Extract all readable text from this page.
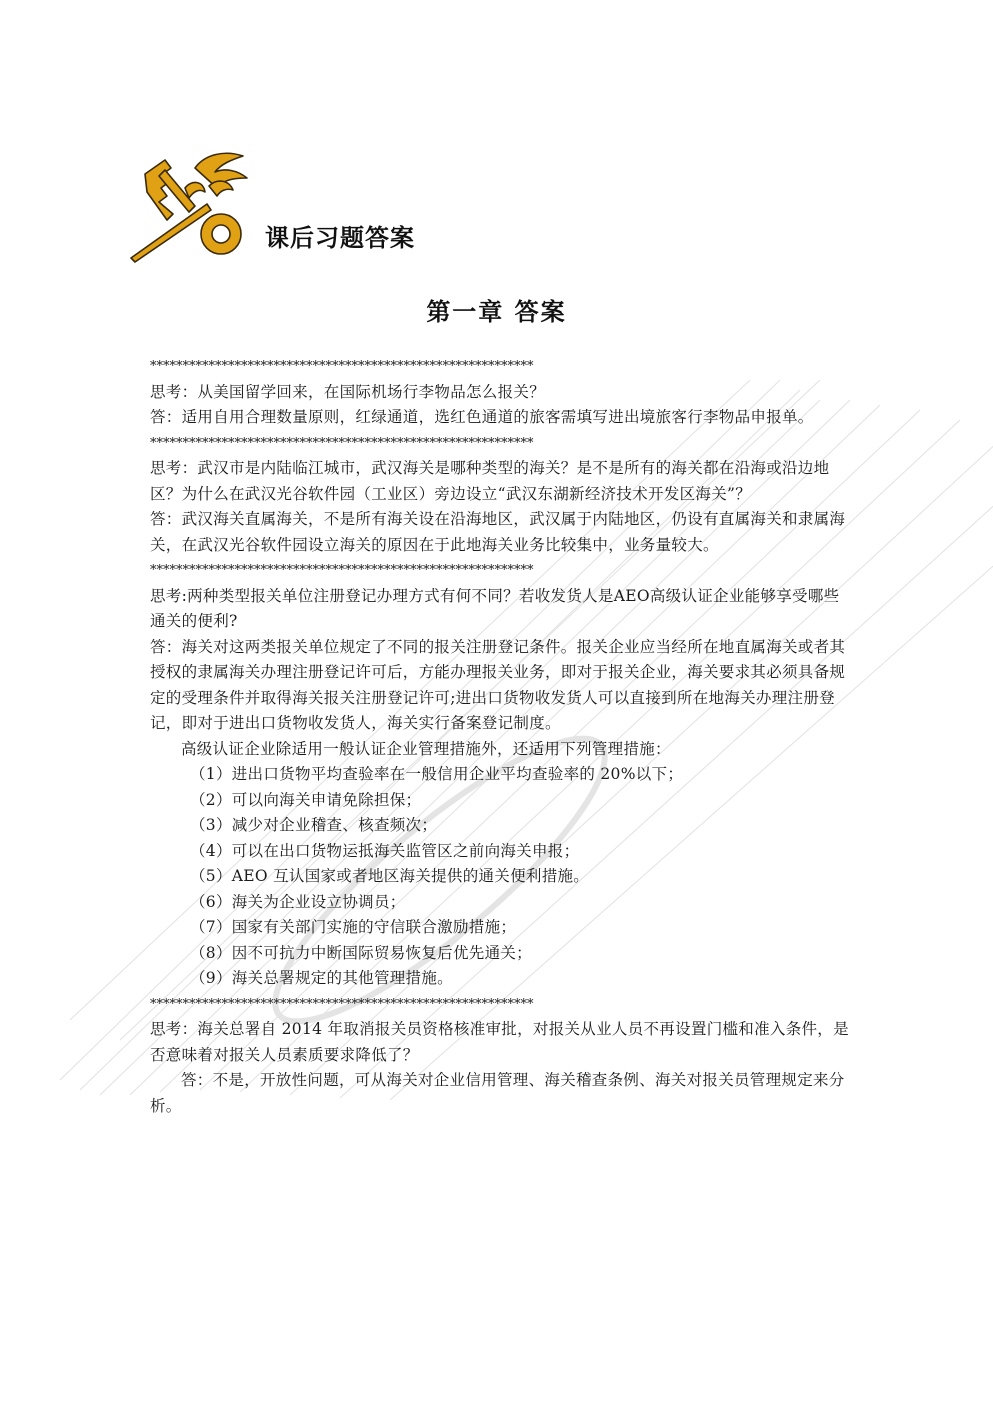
课后习题答案
第一章 答案

***********************************************************

思考：从美国留学回来，在国际机场行李物品怎么报关？

答：适用自用合理数量原则，红绿通道，选红色通道的旅客需填写进出境旅客行李物品申报单。

***********************************************************

思考：武汉市是内陆临江城市，武汉海关是哪种类型的海关？是不是所有的海关都在沿海或沿边地区？为什么在武汉光谷软件园（工业区）旁边设立“武汉东湖新经济技术开发区海关”？

答：武汉海关直属海关，不是所有海关设在沿海地区，武汉属于内陆地区，仍设有直属海关和隶属海关，在武汉光谷软件园设立海关的原因在于此地海关业务比较集中，业务量较大。

***********************************************************

思考:两种类型报关单位注册登记办理方式有何不同？若收发货人是AEO高级认证企业能够享受哪些通关的便利?

答：海关对这两类报关单位规定了不同的报关注册登记条件。报关企业应当经所在地直属海关或者其授权的隶属海关办理注册登记许可后，方能办理报关业务，即对于报关企业，海关要求其必须具备规定的受理条件并取得海关报关注册登记许可;进出口货物收发货人可以直接到所在地海关办理注册登记，即对于进出口货物收发货人，海关实行备案登记制度。

高级认证企业除适用一般认证企业管理措施外，还适用下列管理措施：

（1）进出口货物平均查验率在一般信用企业平均查验率的 20%以下；

（2）可以向海关申请免除担保；

（3）减少对企业稽查、核查频次；

（4）可以在出口货物运抵海关监管区之前向海关申报；

（5）AEO 互认国家或者地区海关提供的通关便利措施。

（6）海关为企业设立协调员；

（7）国家有关部门实施的守信联合激励措施；

（8）因不可抗力中断国际贸易恢复后优先通关；

（9）海关总署规定的其他管理措施。

***********************************************************

思考：海关总署自 2014 年取消报关员资格核准审批，对报关从业人员不再设置门槛和准入条件，是否意味着对报关人员素质要求降低了？

答：不是，开放性问题，可从海关对企业信用管理、海关稽查条例、海关对报关员管理规定来分析。
